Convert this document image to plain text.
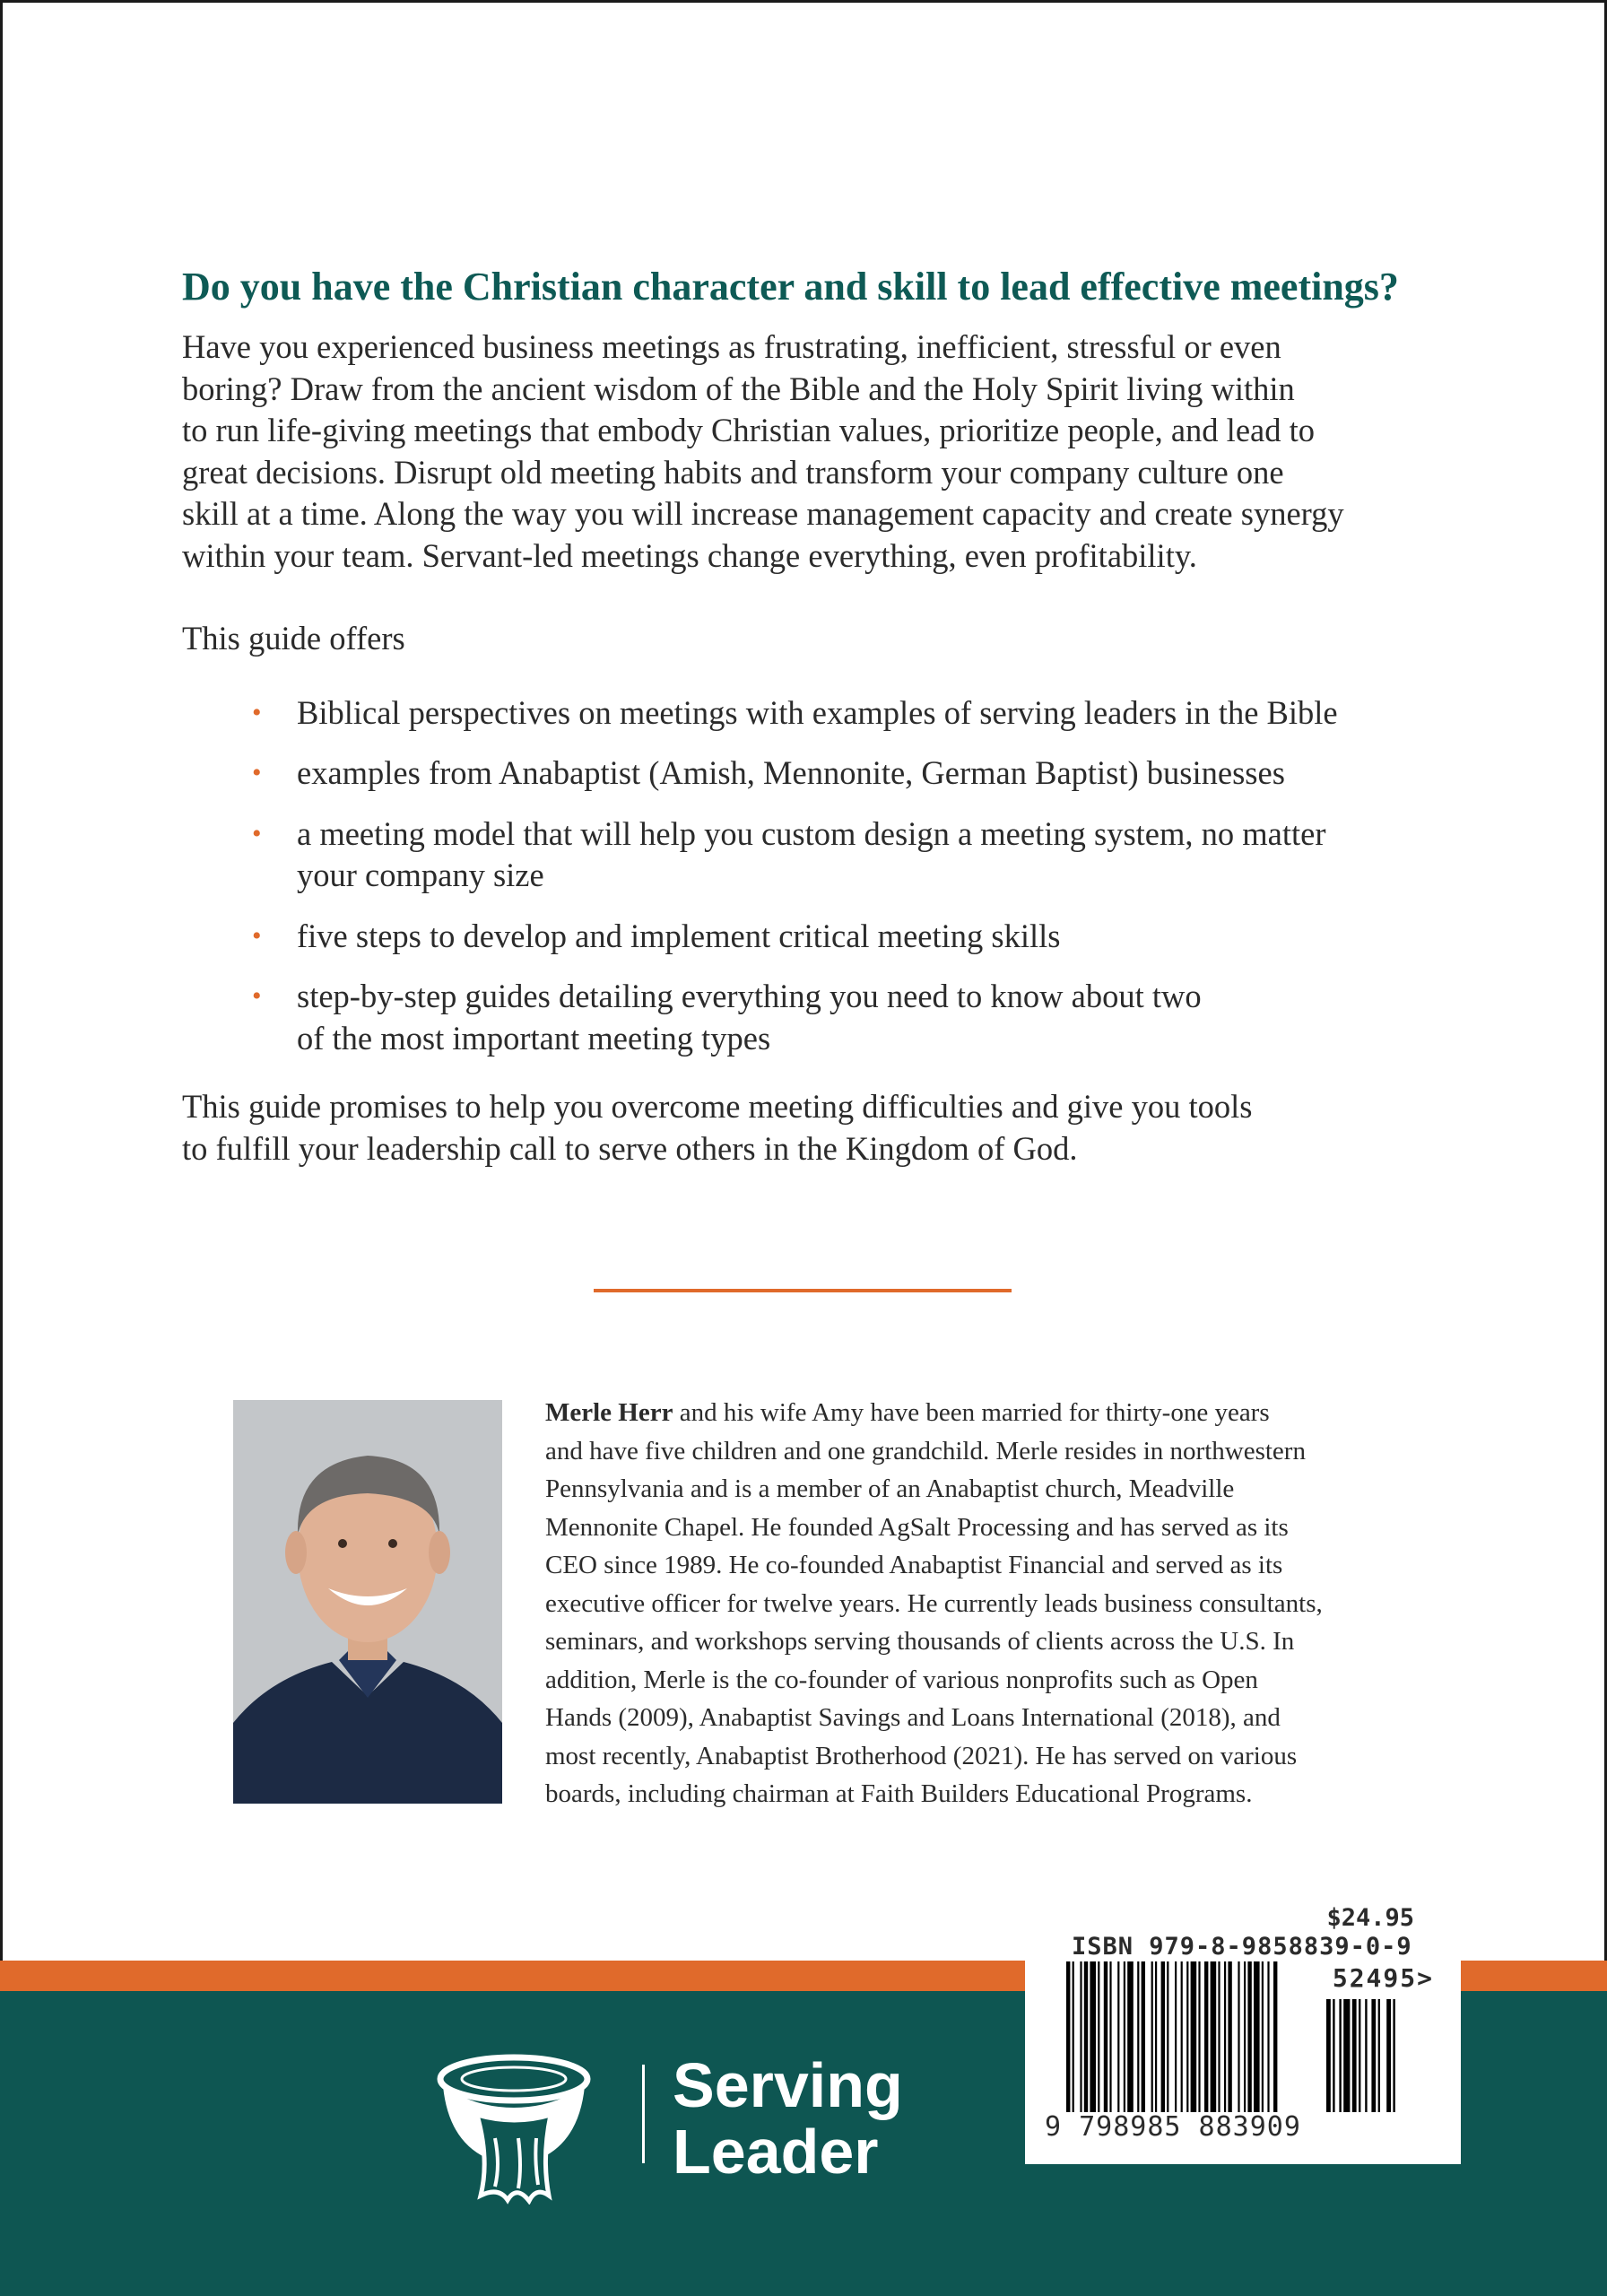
Do you have the Christian character and skill to lead effective meetings?

Have you experienced business meetings as frustrating, inefficient, stressful or even
boring? Draw from the ancient wisdom of the Bible and the Holy Spirit living within
to run life-giving meetings that embody Christian values, prioritize people, and lead to
great decisions. Disrupt old meeting habits and transform your company culture one
skill at a time. Along the way you will increase management capacity and create synergy
within your team. Servant-led meetings change everything, even profitability.

This guide offers

• Biblical perspectives on meetings with examples of serving leaders in the Bible
• examples from Anabaptist (Amish, Mennonite, German Baptist) businesses
• a meeting model that will help you custom design a meeting system, no matter
your company size
• five steps to develop and implement critical meeting skills
• step-by-step guides detailing everything you need to know about two
of the most important meeting types

This guide promises to help you overcome meeting difficulties and give you tools
to fulfill your leadership call to serve others in the Kingdom of God.

Merle Herr and his wife Amy have been married for thirty-one years
and have five children and one grandchild. Merle resides in northwestern
Pennsylvania and is a member of an Anabaptist church, Meadville
Mennonite Chapel. He founded AgSalt Processing and has served as its
CEO since 1989. He co-founded Anabaptist Financial and served as its
executive officer for twelve years. He currently leads business consultants,
seminars, and workshops serving thousands of clients across the U.S. In
addition, Merle is the co-founder of various nonprofits such as Open
Hands (2009), Anabaptist Savings and Loans International (2018), and
most recently, Anabaptist Brotherhood (2021). He has served on various
boards, including chairman at Faith Builders Educational Programs.

Serving
Leader
$24.95
ISBN 979-8-9858839-0-9
52495>
9 798985 883909
